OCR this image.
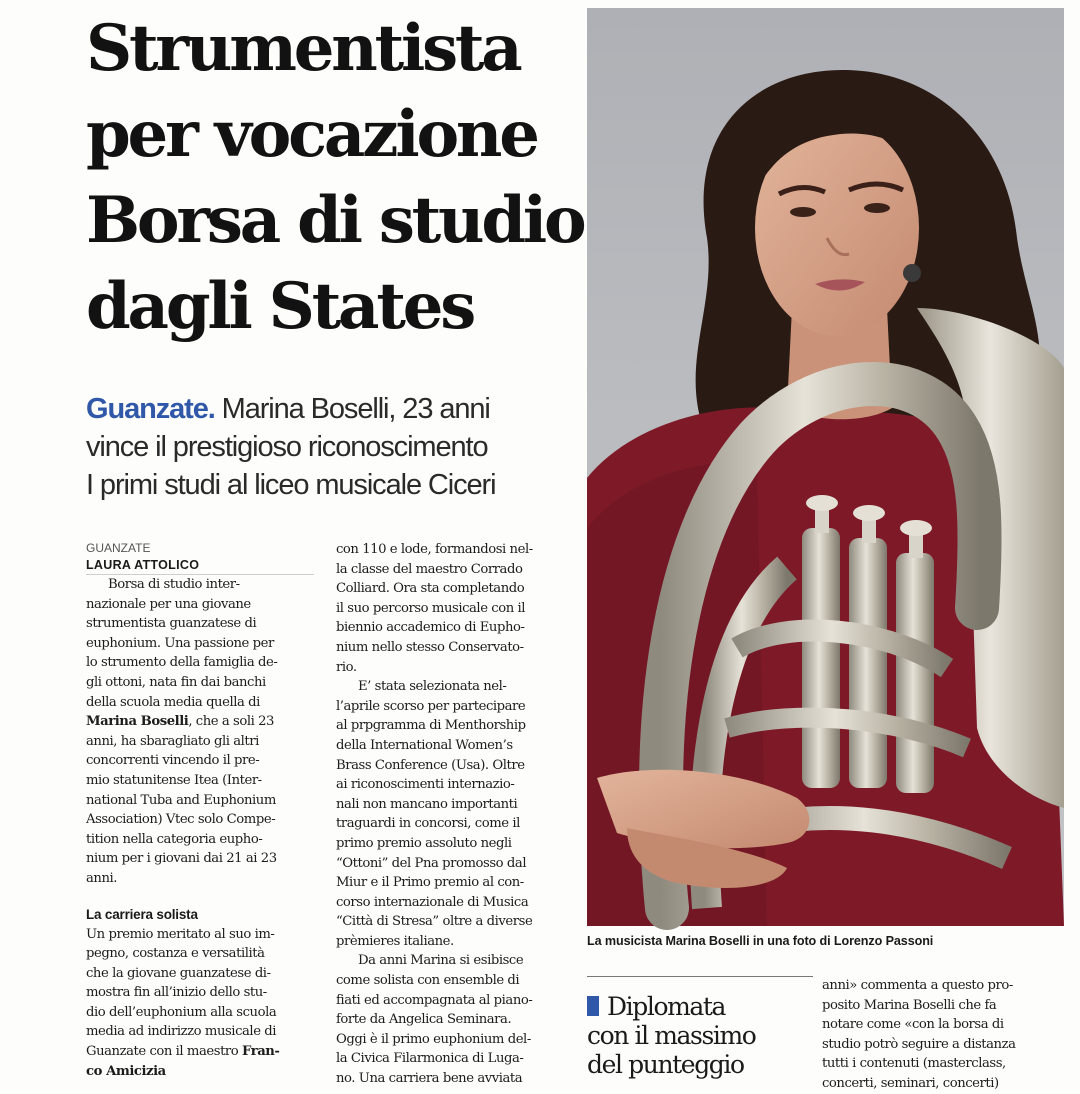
Strumentista
per vocazione
Borsa di studio
dagli States
Guanzate. Marina Boselli, 23 anni
vince il prestigioso riconoscimento
I primi studi al liceo musicale Ciceri
GUANZATE
LAURA ATTOLICO

Borsa di studio inter-
nazionale per una giovane
strumentista guanzatese di
euphonium. Una passione per
lo strumento della famiglia de-
gli ottoni, nata fin dai banchi
della scuola media quella di
Marina Boselli, che a soli 23
anni, ha sbaragliato gli altri
concorrenti vincendo il pre-
mio statunitense Itea (Inter-
national Tuba and Euphonium
Association) Vtec solo Compe-
tition nella categoria eupho-
nium per i giovani dai 21 ai 23
anni.

La carriera solista

Un premio meritato al suo im-
pegno, costanza e versatilità
che la giovane guanzatese di-
mostra fin all’inizio dello stu-
dio dell’euphonium alla scuola
media ad indirizzo musicale di
Guanzate con il maestro Fran-
co Amicizia

con 110 e lode, formandosi nel-
la classe del maestro Corrado
Colliard. Ora sta completando
il suo percorso musicale con il
biennio accademico di Eupho-
nium nello stesso Conservato-
rio.

E’ stata selezionata nel-
l’aprile scorso per partecipare
al prpgramma di Menthorship
della International Women’s
Brass Conference (Usa). Oltre
ai riconoscimenti internazio-
nali non mancano importanti
traguardi in concorsi, come il
primo premio assoluto negli
“Ottoni” del Pna promosso dal
Miur e il Primo premio al con-
corso internazionale di Musica
“Città di Stresa” oltre a diverse
prèmieres italiane.

Da anni Marina si esibisce
come solista con ensemble di
fiati ed accompagnata al piano-
forte da Angelica Seminara.
Oggi è il primo euphonium del-
la Civica Filarmonica di Luga-
no. Una carriera bene avviata

La musicista Marina Boselli in una foto di Lorenzo Passoni
Diplomata
con il massimo
del punteggio
anni» commenta a questo pro-
posito Marina Boselli che fa
notare come «con la borsa di
studio potrò seguire a distanza
tutti i contenuti (masterclass,
concerti, seminari, concerti)
